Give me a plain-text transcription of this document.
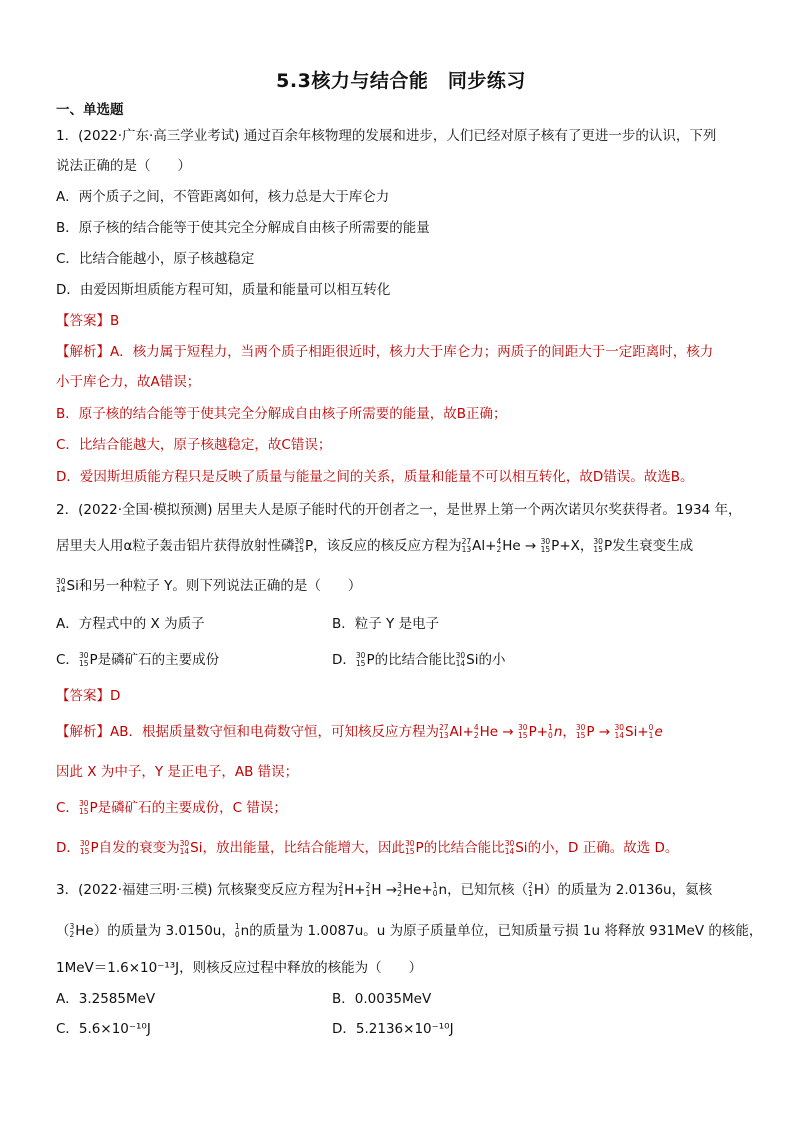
5.3核力与结合能　同步练习
一、单选题
1．(2022·广东·高三学业考试) 通过百余年核物理的发展和进步，人们已经对原子核有了更进一步的认识，下列
说法正确的是（　　）
A．两个质子之间，不管距离如何，核力总是大于库仑力
B．原子核的结合能等于使其完全分解成自由核子所需要的能量
C．比结合能越小，原子核越稳定
D．由爱因斯坦质能方程可知，质量和能量可以相互转化
【答案】B
【解析】A．核力属于短程力，当两个质子相距很近时，核力大于库仑力；两质子的间距大于一定距离时，核力
小于库仑力，故A错误；
B．原子核的结合能等于使其完全分解成自由核子所需要的能量，故B正确；
C．比结合能越大，原子核越稳定，故C错误；
D．爱因斯坦质能方程只是反映了质量与能量之间的关系，质量和能量不可以相互转化，故D错误。故选B。
2．(2022·全国·模拟预测) 居里夫人是原子能时代的开创者之一，是世界上第一个两次诺贝尔奖获得者。1934 年，
居里夫人用α粒子轰击铝片获得放射性磷 30
15 P，该反应的核反应方程为 27
13 Al+ 4
2 He → 30
15 P+X， 30
15 P发生衰变生成
30
14 Si和另一种粒子 Y。则下列说法正确的是（　　）
A．方程式中的 X 为质子	B．粒子 Y 是电子
C． 30
15 P是磷矿石的主要成份	D． 30
15 P的比结合能比 30
14 Si的小
【答案】D
【解析】AB．根据质量数守恒和电荷数守恒，可知核反应方程为 27
13 Al+ 4
2 He → 30
15 P+ 1
0 n， 30
15 P → 30
14 Si+ 0
1 e
因此 X 为中子，Y 是正电子，AB 错误；
C． 30
15 P是磷矿石的主要成份，C 错误；
D． 30
15 P自发的衰变为 30
14 Si，放出能量，比结合能增大，因此 30
15 P的比结合能比 30
14 Si的小，D 正确。故选 D。
3．(2022·福建三明·三模) 氘核聚变反应方程为 2
1 H+ 2
1 H → 3
2 He+ 1
0 n，已知氘核（ 2
1 H）的质量为 2.0136u，氦核
（ 3
2 He）的质量为 3.0150u， 1
0 n的质量为 1.0087u。u 为原子质量单位，已知质量亏损 1u 将释放 931MeV 的核能，
1MeV＝1.6×10⁻¹³J，则核反应过程中释放的核能为（　　）
A．3.2585MeV	B．0.0035MeV
C．5.6×10⁻¹⁰J	D．5.2136×10⁻¹⁰J
